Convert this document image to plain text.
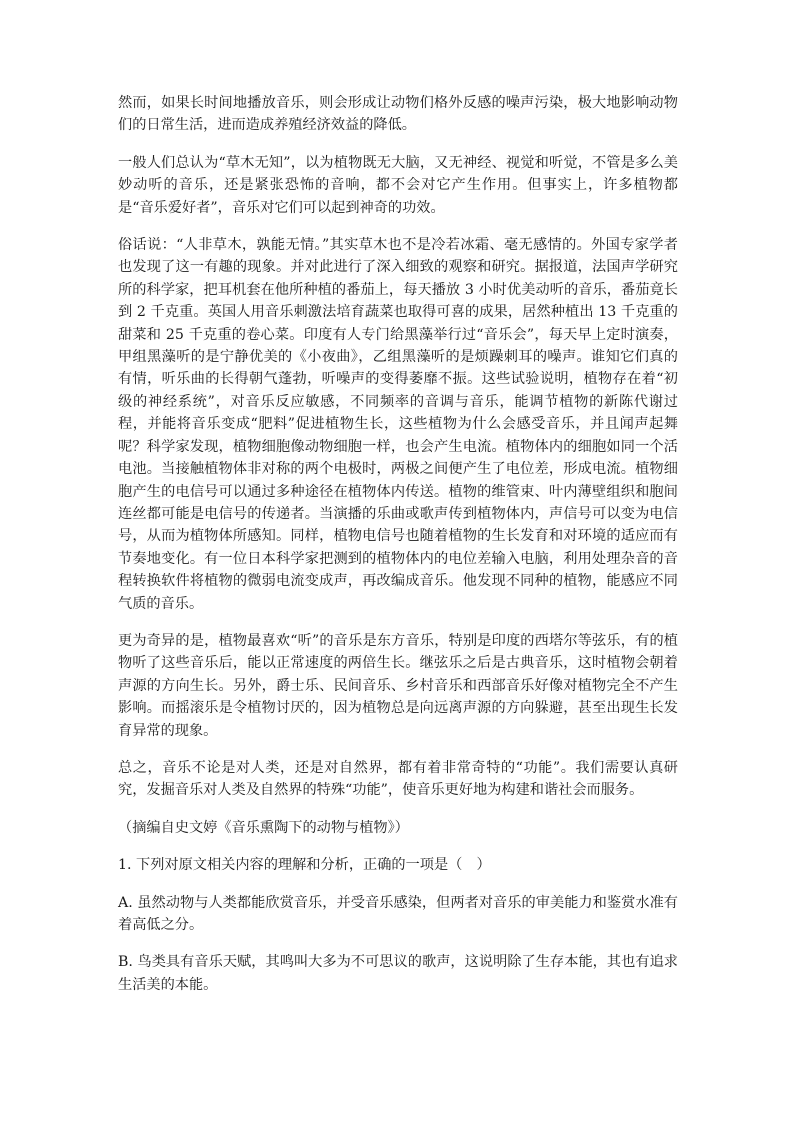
然而，如果长时间地播放音乐，则会形成让动物们格外反感的噪声污染，极大地影响动物们的日常生活，进而造成养殖经济效益的降低。

一般人们总认为“草木无知”，以为植物既无大脑，又无神经、视觉和听觉，不管是多么美妙动听的音乐，还是紧张恐怖的音响，都不会对它产生作用。但事实上，许多植物都是“音乐爱好者”，音乐对它们可以起到神奇的功效。

俗话说：“人非草木，孰能无情。”其实草木也不是冷若冰霜、毫无感情的。外国专家学者也发现了这一有趣的现象。并对此进行了深入细致的观察和研究。据报道，法国声学研究所的科学家，把耳机套在他所种植的番茄上，每天播放 3 小时优美动听的音乐，番茄竟长到 2 千克重。英国人用音乐刺激法培育蔬菜也取得可喜的成果，居然种植出 13 千克重的甜菜和 25 千克重的卷心菜。印度有人专门给黑藻举行过“音乐会”，每天早上定时演奏，甲组黑藻听的是宁静优美的《小夜曲》，乙组黑藻听的是烦躁刺耳的噪声。谁知它们真的有情，听乐曲的长得朝气蓬勃，听噪声的变得萎靡不振。这些试验说明，植物存在着“初级的神经系统”，对音乐反应敏感，不同频率的音调与音乐，能调节植物的新陈代谢过程，并能将音乐变成“肥料”促进植物生长，这些植物为什么会感受音乐，并且闻声起舞呢？科学家发现，植物细胞像动物细胞一样，也会产生电流。植物体内的细胞如同一个活电池。当接触植物体非对称的两个电极时，两极之间便产生了电位差，形成电流。植物细胞产生的电信号可以通过多种途径在植物体内传送。植物的维管束、叶内薄壁组织和胞间连丝都可能是电信号的传递者。当演播的乐曲或歌声传到植物体内，声信号可以变为电信号，从而为植物体所感知。同样，植物电信号也随着植物的生长发育和对环境的适应而有节奏地变化。有一位日本科学家把测到的植物体内的电位差输入电脑，利用处理杂音的音程转换软件将植物的微弱电流变成声，再改编成音乐。他发现不同种的植物，能感应不同气质的音乐。

更为奇异的是，植物最喜欢“听”的音乐是东方音乐，特别是印度的西塔尔等弦乐，有的植物听了这些音乐后，能以正常速度的两倍生长。继弦乐之后是古典音乐，这时植物会朝着声源的方向生长。另外，爵士乐、民间音乐、乡村音乐和西部音乐好像对植物完全不产生影响。而摇滚乐是令植物讨厌的，因为植物总是向远离声源的方向躲避，甚至出现生长发育异常的现象。

总之，音乐不论是对人类，还是对自然界，都有着非常奇特的“功能”。我们需要认真研究，发掘音乐对人类及自然界的特殊“功能”，使音乐更好地为构建和谐社会而服务。

（摘编自史文婷《音乐熏陶下的动物与植物》）

1. 下列对原文相关内容的理解和分析，正确的一项是（　）

A. 虽然动物与人类都能欣赏音乐，并受音乐感染，但两者对音乐的审美能力和鉴赏水准有着高低之分。

B. 鸟类具有音乐天赋，其鸣叫大多为不可思议的歌声，这说明除了生存本能，其也有追求生活美的本能。
